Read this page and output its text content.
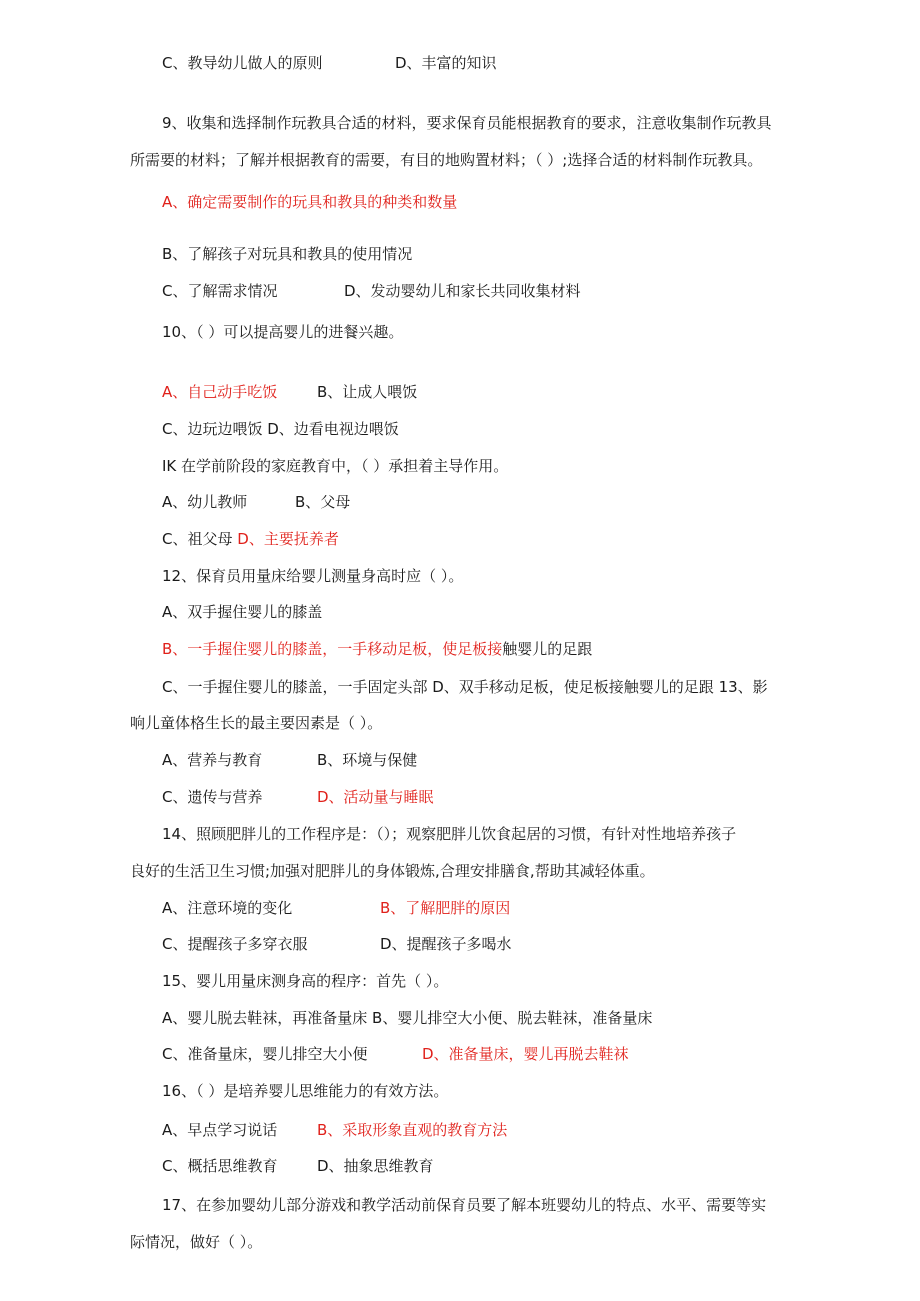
C、教导幼儿做人的原则	D、丰富的知识
9、收集和选择制作玩教具合适的材料，要求保育员能根据教育的要求，注意收集制作玩教具
所需要的材料；了解并根据教育的需要，有目的地购置材料；（ ）;选择合适的材料制作玩教具。
A、确定需要制作的玩具和教具的种类和数量
B、了解孩子对玩具和教具的使用情况
C、了解需求情况	D、发动婴幼儿和家长共同收集材料
10、（ ）可以提高婴儿的进餐兴趣。
A、自己动手吃饭	B、让成人喂饭
C、边玩边喂饭 D、边看电视边喂饭
IK 在学前阶段的家庭教育中，（ ）承担着主导作用。
A、幼儿教师	B、父母
C、祖父母 D、主要抚养者
12、保育员用量床给婴儿测量身高时应（ ）。
A、双手握住婴儿的膝盖
B、一手握住婴儿的膝盖，一手移动足板，使足板接触婴儿的足跟
C、一手握住婴儿的膝盖，一手固定头部 D、双手移动足板，使足板接触婴儿的足跟 13、影
响儿童体格生长的最主要因素是（ ）。
A、营养与教育	B、环境与保健
C、遗传与营养	D、活动量与睡眠
14、照顾肥胖儿的工作程序是：（）；观察肥胖儿饮食起居的习惯，有针对性地培养孩子
良好的生活卫生习惯;加强对肥胖儿的身体锻炼,合理安排膳食,帮助其减轻体重。
A、注意环境的变化	B、了解肥胖的原因
C、提醒孩子多穿衣服	D、提醒孩子多喝水
15、婴儿用量床测身高的程序：首先（ ）。
A、婴儿脱去鞋袜，再准备量床 B、婴儿排空大小便、脱去鞋袜，准备量床
C、准备量床，婴儿排空大小便	D、准备量床，婴儿再脱去鞋袜
16、（ ）是培养婴儿思维能力的有效方法。
A、早点学习说话	B、采取形象直观的教育方法
C、概括思维教育	D、抽象思维教育
17、在参加婴幼儿部分游戏和教学活动前保育员要了解本班婴幼儿的特点、水平、需要等实
际情况，做好（ ）。
